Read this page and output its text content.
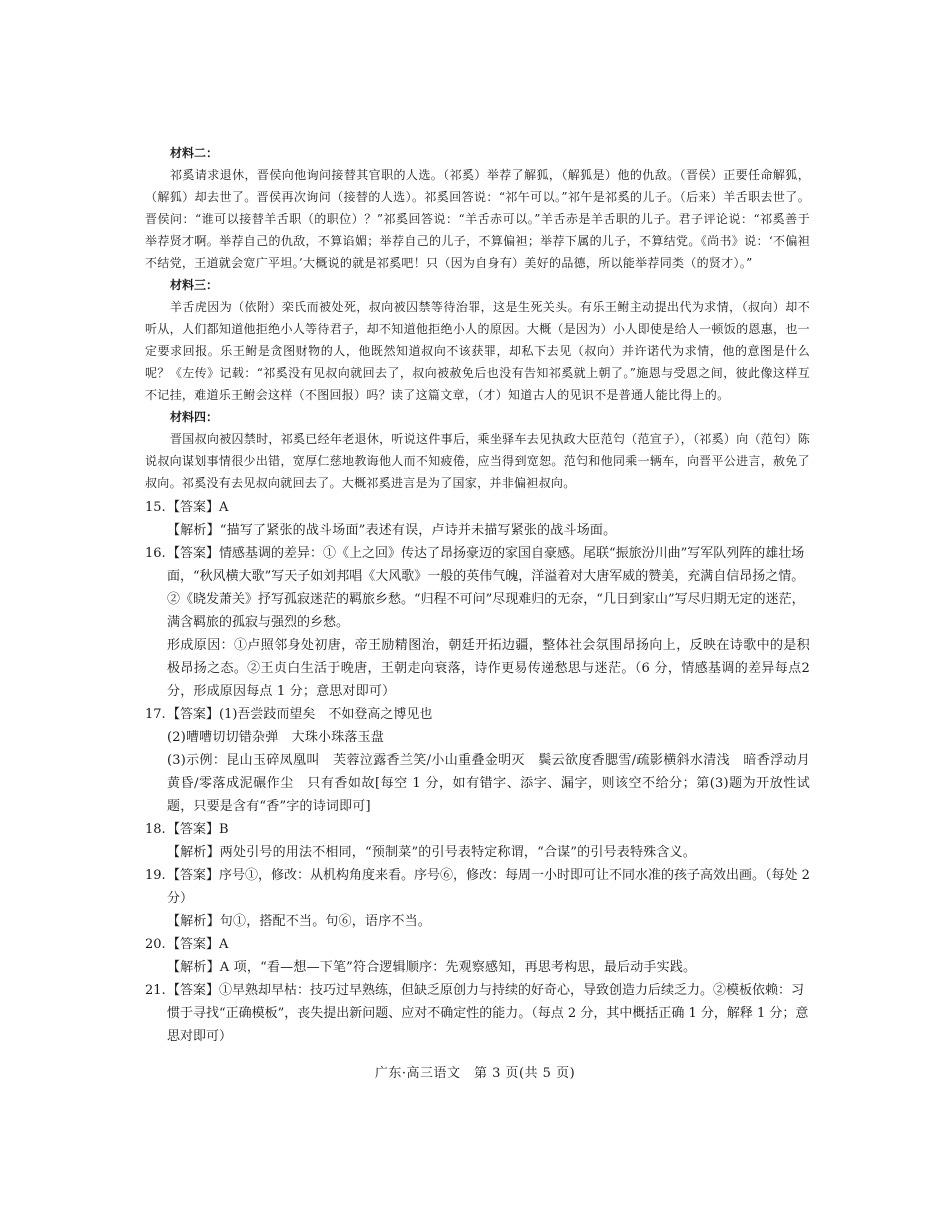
材料二：

祁奚请求退休，晋侯向他询问接替其官职的人选。（祁奚）举荐了解狐，（解狐是）他的仇敌。（晋侯）正要任命解狐，（解狐）却去世了。晋侯再次询问（接替的人选）。祁奚回答说：“祁午可以。”祁午是祁奚的儿子。（后来）羊舌职去世了。晋侯问：“谁可以接替羊舌职（的职位）？”祁奚回答说：“羊舌赤可以。”羊舌赤是羊舌职的儿子。君子评论说：“祁奚善于举荐贤才啊。举荐自己的仇敌，不算谄媚；举荐自己的儿子，不算偏袒；举荐下属的儿子，不算结党。《尚书》说：‘不偏袒不结党，王道就会宽广平坦。’大概说的就是祁奚吧！只（因为自身有）美好的品德，所以能举荐同类（的贤才）。”

材料三：

羊舌虎因为（依附）栾氏而被处死，叔向被囚禁等待治罪，这是生死关头。有乐王鲋主动提出代为求情，（叔向）却不听从，人们都知道他拒绝小人等待君子，却不知道他拒绝小人的原因。大概（是因为）小人即使是给人一顿饭的恩惠，也一定要求回报。乐王鲋是贪图财物的人，他既然知道叔向不该获罪，却私下去见（叔向）并许诺代为求情，他的意图是什么呢？《左传》记载：“祁奚没有见叔向就回去了，叔向被赦免后也没有告知祁奚就上朝了。”施恩与受恩之间，彼此像这样互不记挂，难道乐王鲋会这样（不图回报）吗？读了这篇文章，（才）知道古人的见识不是普通人能比得上的。

材料四：

晋国叔向被囚禁时，祁奚已经年老退休，听说这件事后，乘坐驿车去见执政大臣范匄（范宣子），（祁奚）向（范匄）陈说叔向谋划事情很少出错，宽厚仁慈地教诲他人而不知疲倦，应当得到宽恕。范匄和他同乘一辆车，向晋平公进言，赦免了叔向。祁奚没有去见叔向就回去了。大概祁奚进言是为了国家，并非偏袒叔向。

15. 【答案】A

【解析】“描写了紧张的战斗场面”表述有误，卢诗并未描写紧张的战斗场面。

16. 【答案】情感基调的差异：①《上之回》传达了昂扬豪迈的家国自豪感。尾联“振旅汾川曲”写军队列阵的雄壮场面，“秋风横大歌”写天子如刘邦唱《大风歌》一般的英伟气魄，洋溢着对大唐军威的赞美，充满自信昂扬之情。②《晓发萧关》抒写孤寂迷茫的羁旅乡愁。“归程不可问”尽现难归的无奈，“几日到家山”写尽归期无定的迷茫，满含羁旅的孤寂与强烈的乡愁。

形成原因：①卢照邻身处初唐，帝王励精图治，朝廷开拓边疆，整体社会氛围昂扬向上，反映在诗歌中的是积极昂扬之态。②王贞白生活于晚唐，王朝走向衰落，诗作更易传递愁思与迷茫。（6 分，情感基调的差异每点2 分，形成原因每点 1 分；意思对即可）

17. 【答案】(1)吾尝跂而望矣　不如登高之博见也

(2)嘈嘈切切错杂弹　大珠小珠落玉盘

(3)示例：昆山玉碎凤凰叫　芙蓉泣露香兰笑/小山重叠金明灭　鬓云欲度香腮雪/疏影横斜水清浅　暗香浮动月黄昏/零落成泥碾作尘　只有香如故[每空 1 分，如有错字、添字、漏字，则该空不给分；第(3)题为开放性试题，只要是含有“香”字的诗词即可]

18. 【答案】B

【解析】两处引号的用法不相同，“预制菜”的引号表特定称谓，“合谋”的引号表特殊含义。

19. 【答案】序号①，修改：从机构角度来看。序号⑥，修改：每周一小时即可让不同水准的孩子高效出画。（每处 2 分）

【解析】句①，搭配不当。句⑥，语序不当。

20. 【答案】A

【解析】A 项，“看—想—下笔”符合逻辑顺序：先观察感知，再思考构思，最后动手实践。

21. 【答案】①早熟却早枯：技巧过早熟练，但缺乏原创力与持续的好奇心，导致创造力后续乏力。②模板依赖：习惯于寻找“正确模板”，丧失提出新问题、应对不确定性的能力。（每点 2 分，其中概括正确 1 分，解释 1 分；意思对即可）

广东·高三语文　第 3 页(共 5 页)
